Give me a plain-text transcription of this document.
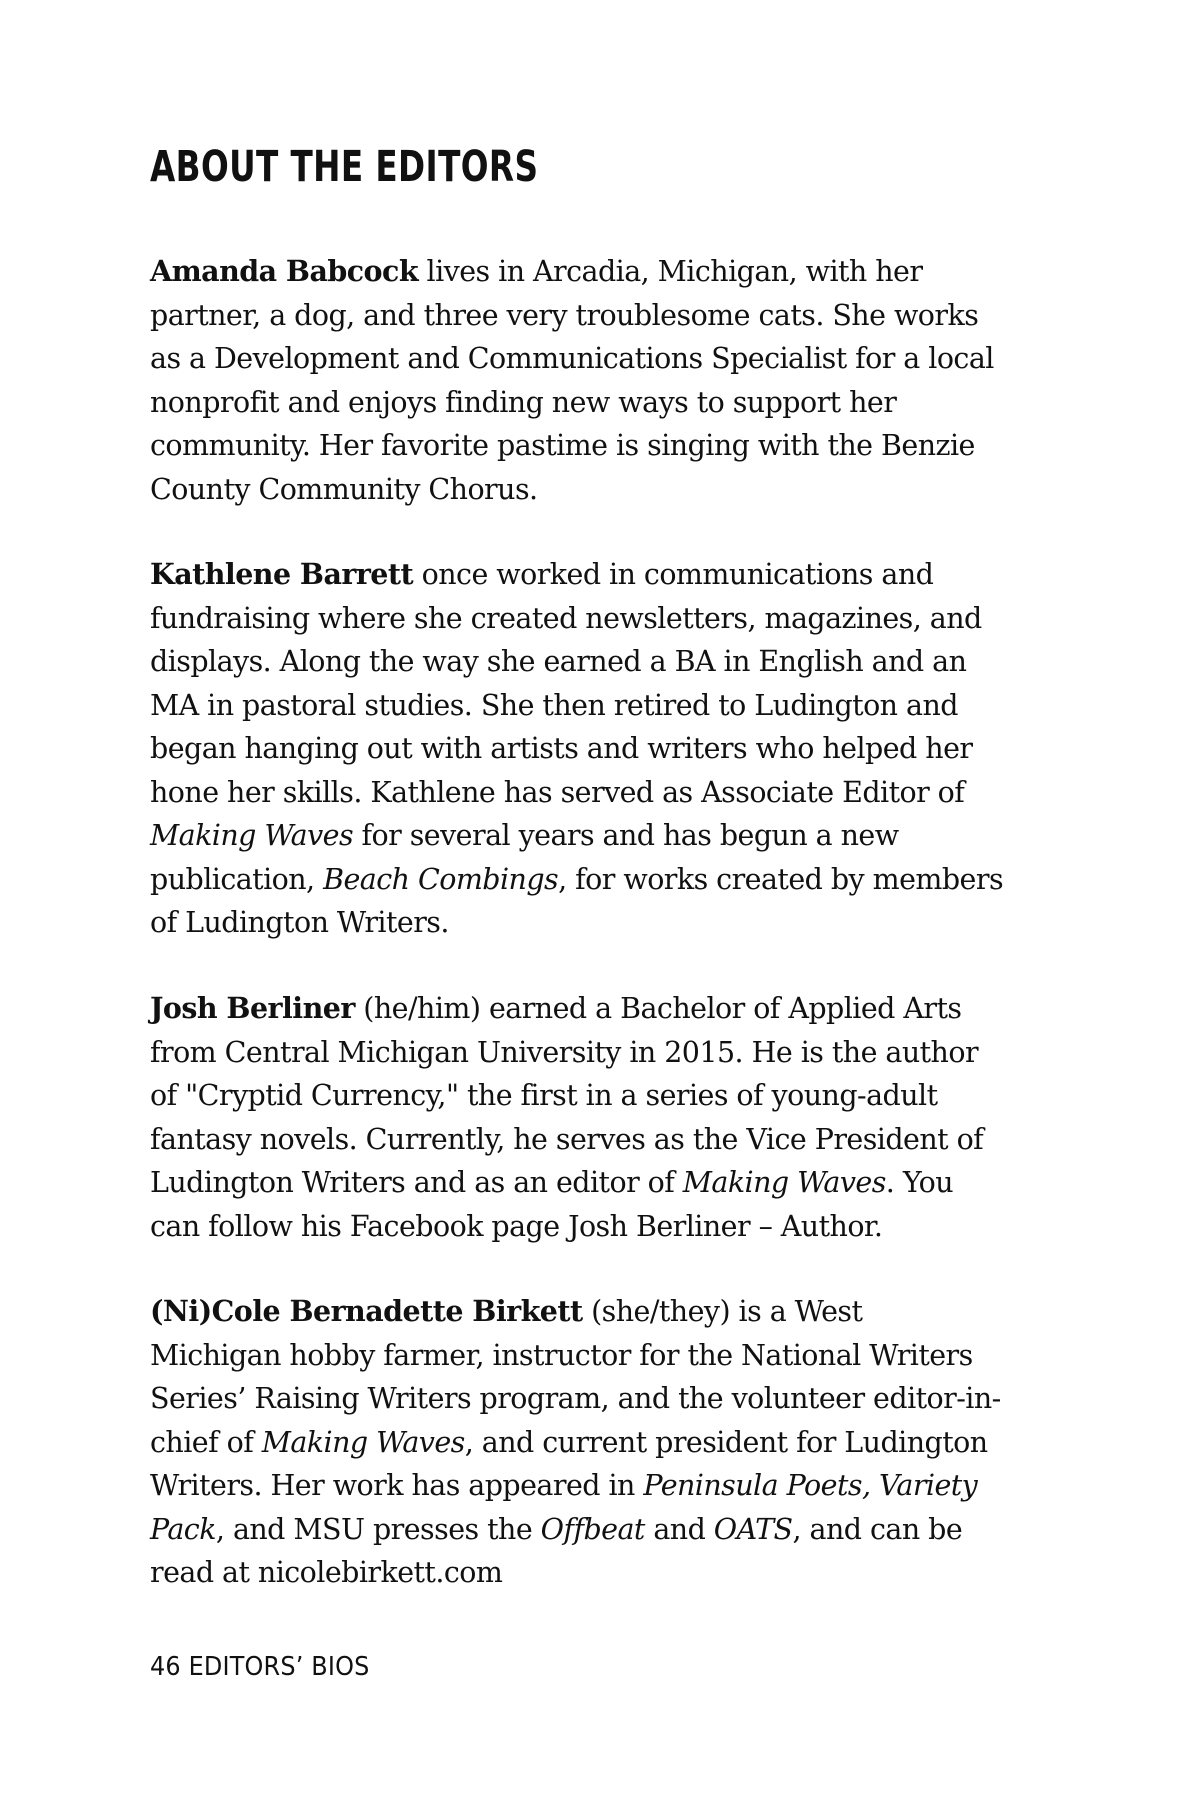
ABOUT THE EDITORS
Amanda Babcock lives in Arcadia, Michigan, with her
partner, a dog, and three very troublesome cats. She works
as a Development and Communications Specialist for a local
nonprofit and enjoys finding new ways to support her
community. Her favorite pastime is singing with the Benzie
County Community Chorus.
Kathlene Barrett once worked in communications and
fundraising where she created newsletters, magazines, and
displays. Along the way she earned a BA in English and an
MA in pastoral studies. She then retired to Ludington and
began hanging out with artists and writers who helped her
hone her skills. Kathlene has served as Associate Editor of
Making Waves for several years and has begun a new
publication, Beach Combings, for works created by members
of Ludington Writers.
Josh Berliner (he/him) earned a Bachelor of Applied Arts
from Central Michigan University in 2015. He is the author
of "Cryptid Currency," the first in a series of young-adult
fantasy novels. Currently, he serves as the Vice President of
Ludington Writers and as an editor of Making Waves. You
can follow his Facebook page Josh Berliner – Author.
(Ni)Cole Bernadette Birkett (she/they) is a West
Michigan hobby farmer, instructor for the National Writers
Series’ Raising Writers program, and the volunteer editor-in-
chief of Making Waves, and current president for Ludington
Writers. Her work has appeared in Peninsula Poets, Variety
Pack, and MSU presses the Offbeat and OATS, and can be
read at nicolebirkett.com
46 EDITORS’ BIOS
